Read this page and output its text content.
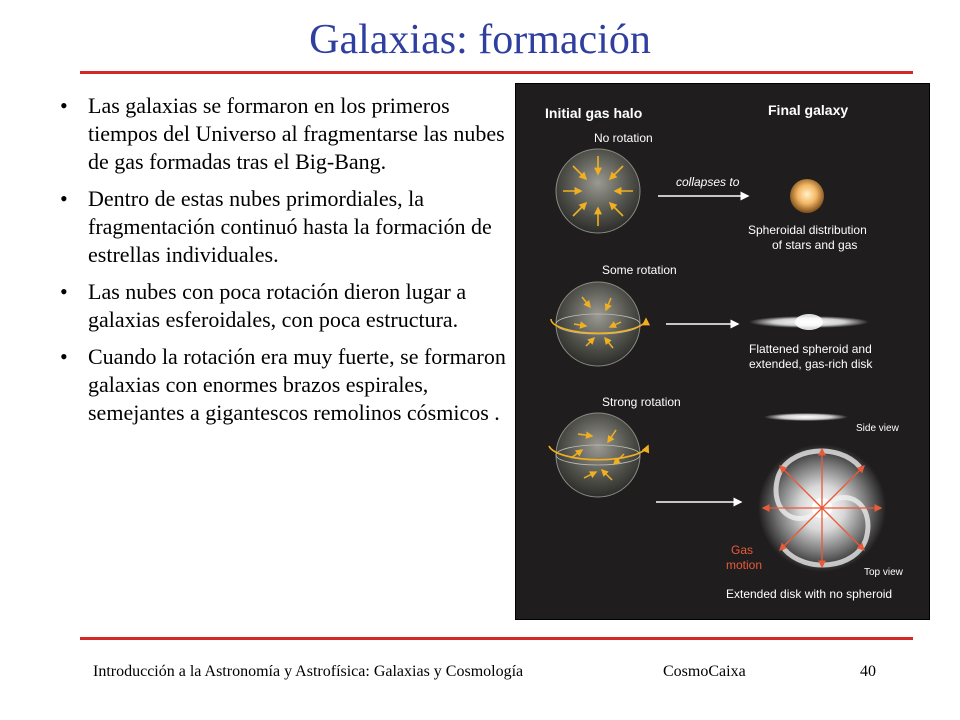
Galaxias: formación
• Las galaxias se formaron en los primeros tiempos del Universo al fragmentarse las nubes de gas formadas tras el Big-Bang.
• Dentro de estas nubes primordiales, la fragmentación continuó hasta la formación de estrellas individuales.
• Las nubes con poca rotación dieron lugar a galaxias esferoidales, con poca estructura.
• Cuando la rotación era muy fuerte, se formaron galaxias con enormes brazos espirales, semejantes a gigantescos remolinos cósmicos .
Initial gas halo	Final galaxy
No rotation
collapses to
Spheroidal distribution
of stars and gas
Some rotation
Flattened spheroid and
extended, gas-rich disk
Strong rotation
Side view
Gas
motion
Top view
Extended disk with no spheroid
Introducción a la Astronomía y Astrofísica: Galaxias y Cosmología	CosmoCaixa	40
